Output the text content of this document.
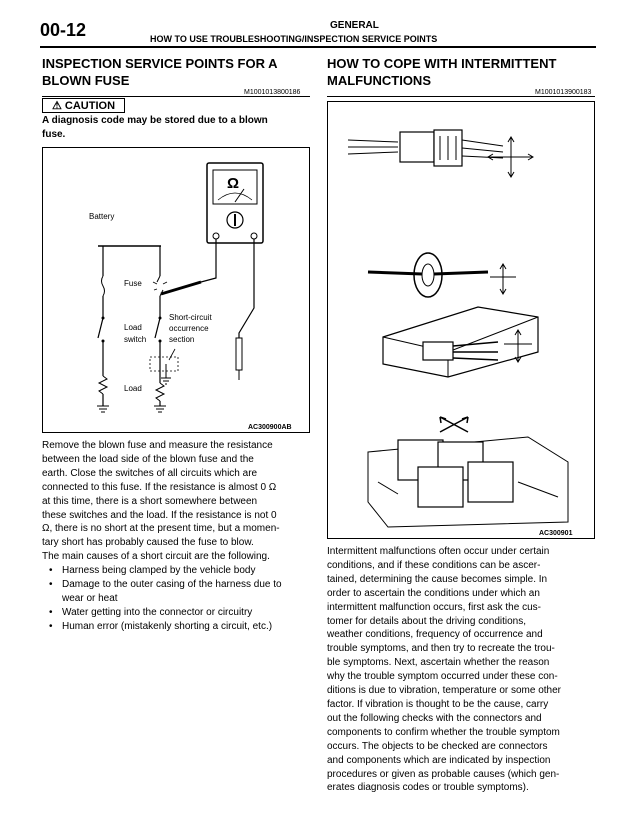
00-12	GENERAL
HOW TO USE TROUBLESHOOTING/INSPECTION SERVICE POINTS
INSPECTION SERVICE POINTS FOR A
BLOWN FUSE
M1001013800186
⚠ CAUTION
A diagnosis code may be stored due to a blown
fuse.
Battery
Fuse
Load
switch
Short-circuit
occurrence
section
Load
Ω
AC300900AB
Remove the blown fuse and measure the resistance
between the load side of the blown fuse and the
earth. Close the switches of all circuits which are
connected to this fuse. If the resistance is almost 0 Ω
at this time, there is a short somewhere between
these switches and the load. If the resistance is not 0
Ω, there is no short at the present time, but a momen-
tary short has probably caused the fuse to blow.
The main causes of a short circuit are the following.
• Harness being clamped by the vehicle body
• Damage to the outer casing of the harness due to
wear or heat
• Water getting into the connector or circuitry
• Human error (mistakenly shorting a circuit, etc.)
HOW TO COPE WITH INTERMITTENT
MALFUNCTIONS
M1001013900183
AC300901
Intermittent malfunctions often occur under certain
conditions, and if these conditions can be ascer-
tained, determining the cause becomes simple. In
order to ascertain the conditions under which an
intermittent malfunction occurs, first ask the cus-
tomer for details about the driving conditions,
weather conditions, frequency of occurrence and
trouble symptoms, and then try to recreate the trou-
ble symptoms. Next, ascertain whether the reason
why the trouble symptom occurred under these con-
ditions is due to vibration, temperature or some other
factor. If vibration is thought to be the cause, carry
out the following checks with the connectors and
components to confirm whether the trouble symptom
occurs. The objects to be checked are connectors
and components which are indicated by inspection
procedures or given as probable causes (which gen-
erates diagnosis codes or trouble symptoms).
